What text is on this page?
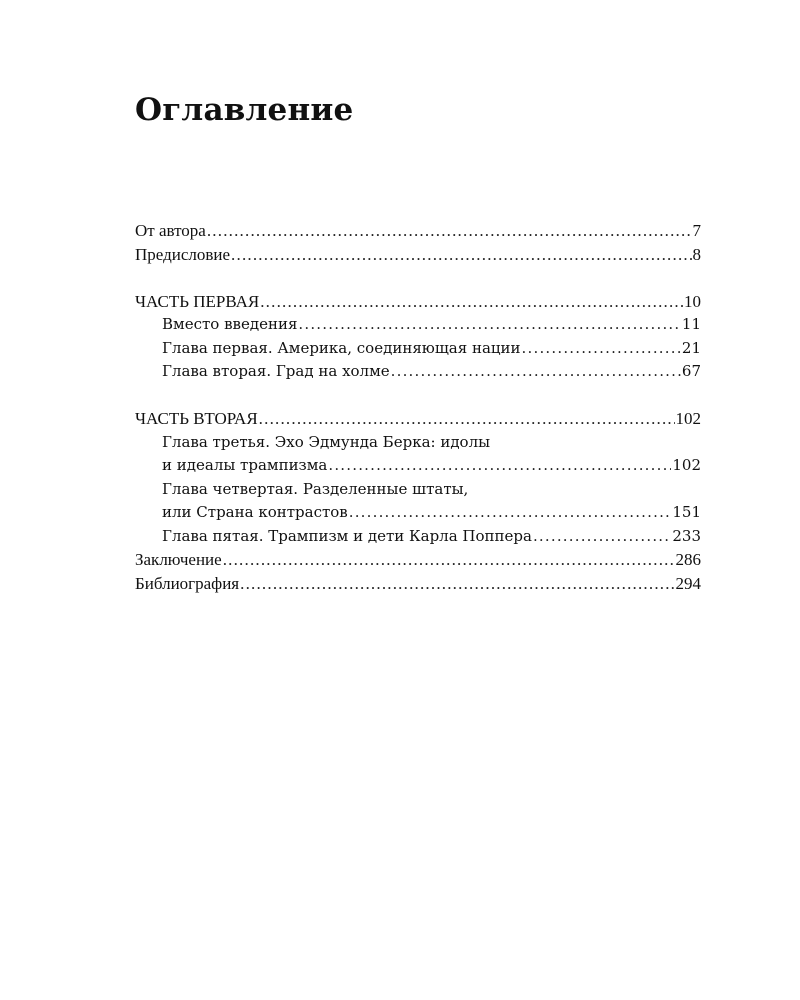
Оглавление
От автора .....	7
Предисловие .....	8
ЧАСТЬ ПЕРВАЯ .....	10
Вместо введения .....	11
Глава первая. Америка, соединяющая нации .....	21
Глава вторая. Град на холме .....	67
ЧАСТЬ ВТОРАЯ .....	102
Глава третья. Эхо Эдмунда Берка: идолы
и идеалы трампизма .....	102
Глава четвертая. Разделенные штаты,
или Страна контрастов .....	151
Глава пятая. Трампизм и дети Карла Поппера .....	233
Заключение .....	286
Библиография .....	294
